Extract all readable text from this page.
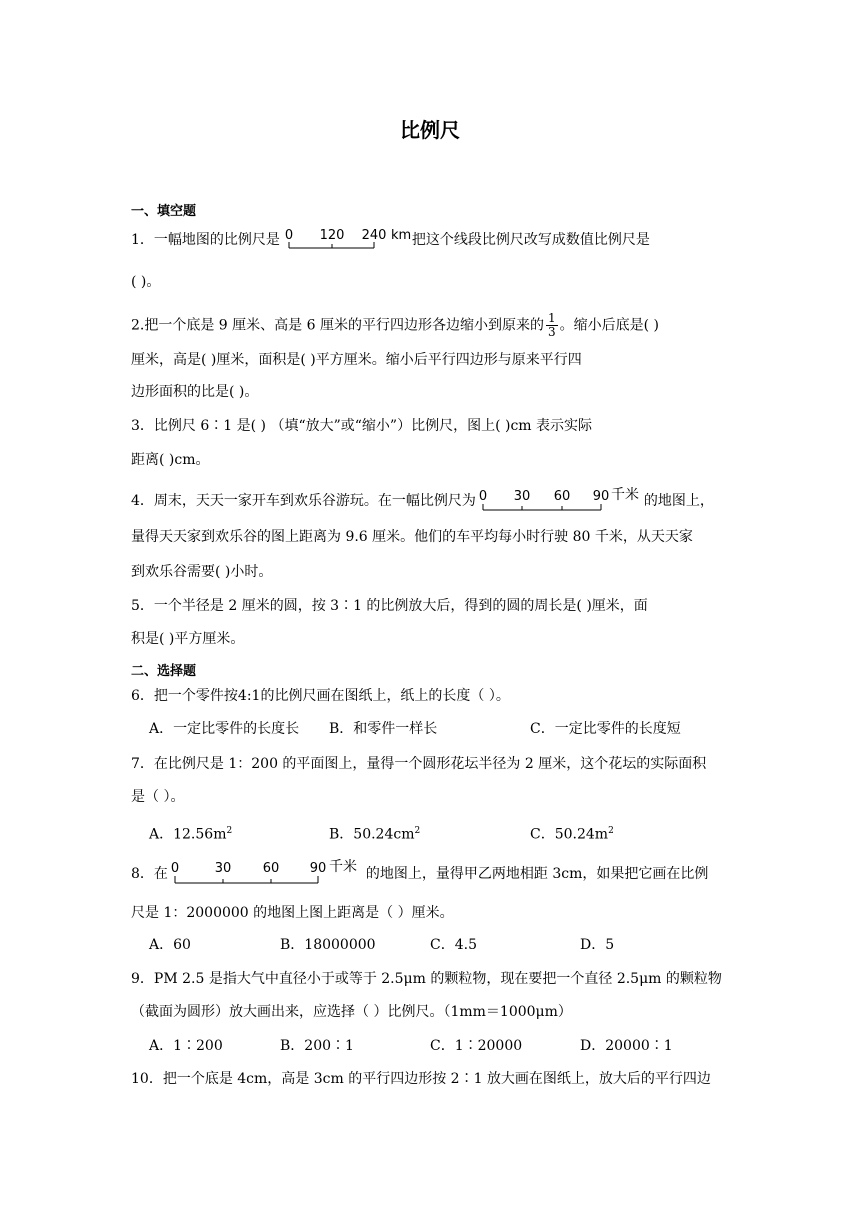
比例尺
一、填空题
1．一幅地图的比例尺是 0 120 240 km 把这个线段比例尺改写成数值比例尺是
( )。
2.把一个底是 9 厘米、高是 6 厘米的平行四边形各边缩小到原来的 $\frac{1}{3}$ 。缩小后底是( )
厘米，高是( )厘米，面积是( )平方厘米。缩小后平行四边形与原来平行四
边形面积的比是( )。
3．比例尺 6∶1 是( ) （填“放大”或“缩小”）比例尺，图上( )cm 表示实际
距离( )cm。
4．周末，天天一家开车到欢乐谷游玩。在一幅比例尺为 0 30 60 90 千米 的地图上，
量得天天家到欢乐谷的图上距离为 9.6 厘米。他们的车平均每小时行驶 80 千米，从天天家
到欢乐谷需要( )小时。
5．一个半径是 2 厘米的圆，按 3∶1 的比例放大后，得到的圆的周长是( )厘米，面
积是( )平方厘米。
二、选择题
6．把一个零件按4:1的比例尺画在图纸上，纸上的长度（ ）。
A．一定比零件的长度长 B．和零件一样长	C．一定比零件的长度短
7．在比例尺是 1：200 的平面图上，量得一个圆形花坛半径为 2 厘米，这个花坛的实际面积
是（ ）。
A．$12.56m^2$	B．$50.24cm^2$	C．$50.24m^2$
8．在 0	30 60 90 千米 的地图上，量得甲乙两地相距 3cm，如果把它画在比例
尺是 1：2000000 的地图上图上距离是（ ）厘米。
A．60	B．18000000	C．4.5	D．5
9．PM 2.5 是指大气中直径小于或等于 2.5μm 的颗粒物，现在要把一个直径 2.5μm 的颗粒物
（截面为圆形）放大画出来，应选择（ ）比例尺。（1mm＝1000μm）
A．1∶200	B．200∶1	C．1∶20000	D．20000∶1
10．把一个底是 4cm，高是 3cm 的平行四边形按 2∶1 放大画在图纸上，放大后的平行四边
